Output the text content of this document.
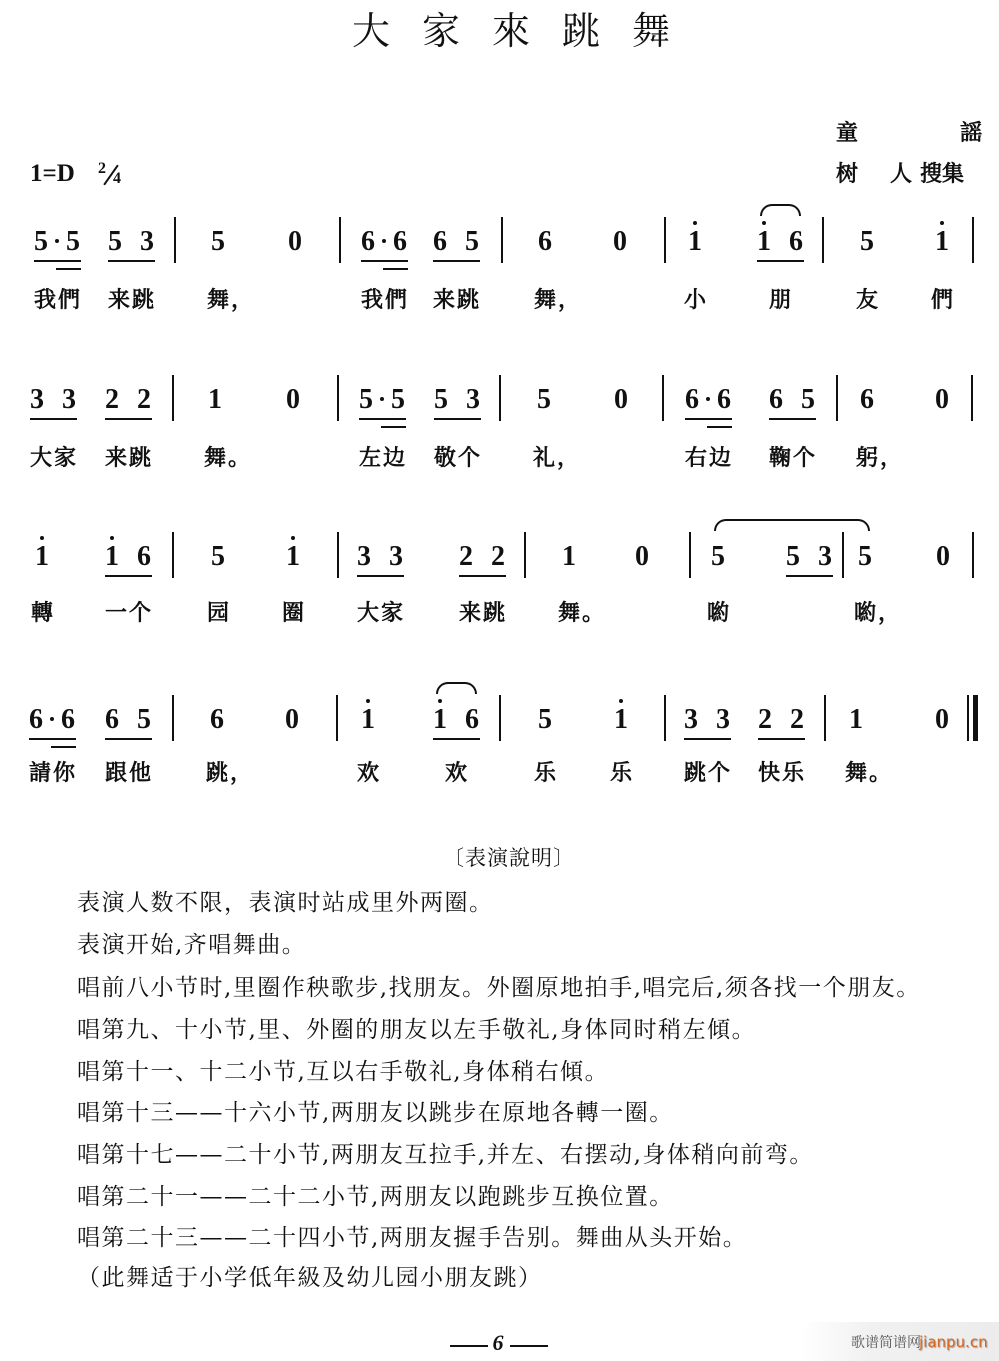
大家來跳舞
1=D 2
4
童	謡
树 人 搜集
5 5
我們
5 3
来跳
5
舞，
0 6 6
我們
6 5
来跳
6
舞，
0 1
小
1 6
朋
5
友
1
們
3 3
大家
2 2
来跳
1
舞。
0 5 5
左边
5 3
敬个
5
礼，
0 6 6
右边
6 5
鞠个
6
躬，
0
1
轉
1 6
一个
5
园
1
圈
3 3
大家
2 2
来跳
1
舞。
0 5
喲
5 3 5
喲，
0
6 6
請你
6 5
跟他
6
跳，
0 1
欢
1 6
欢
5
乐
1
乐
3 3
跳个
2 2
快乐
1
舞。
0
〔表演說明〕
表演人数不限，表演时站成里外两圈。
表演开始,齐唱舞曲。
唱前八小节时,里圈作秧歌步,找朋友。外圈原地拍手,唱完后,须各找一个朋友。
唱第九、十小节,里、外圈的朋友以左手敬礼,身体同时稍左傾。
唱第十一、十二小节,互以右手敬礼,身体稍右傾。
唱第十三——十六小节,两朋友以跳步在原地各轉一圈。
唱第十七——二十小节,两朋友互拉手,并左、右摆动,身体稍向前弯。
唱第二十一——二十二小节,两朋友以跑跳步互换位置。
唱第二十三——二十四小节,两朋友握手告别。舞曲从头开始。
（此舞适于小学低年級及幼儿园小朋友跳）
6	歌谱简谱网
jianpu.cn
